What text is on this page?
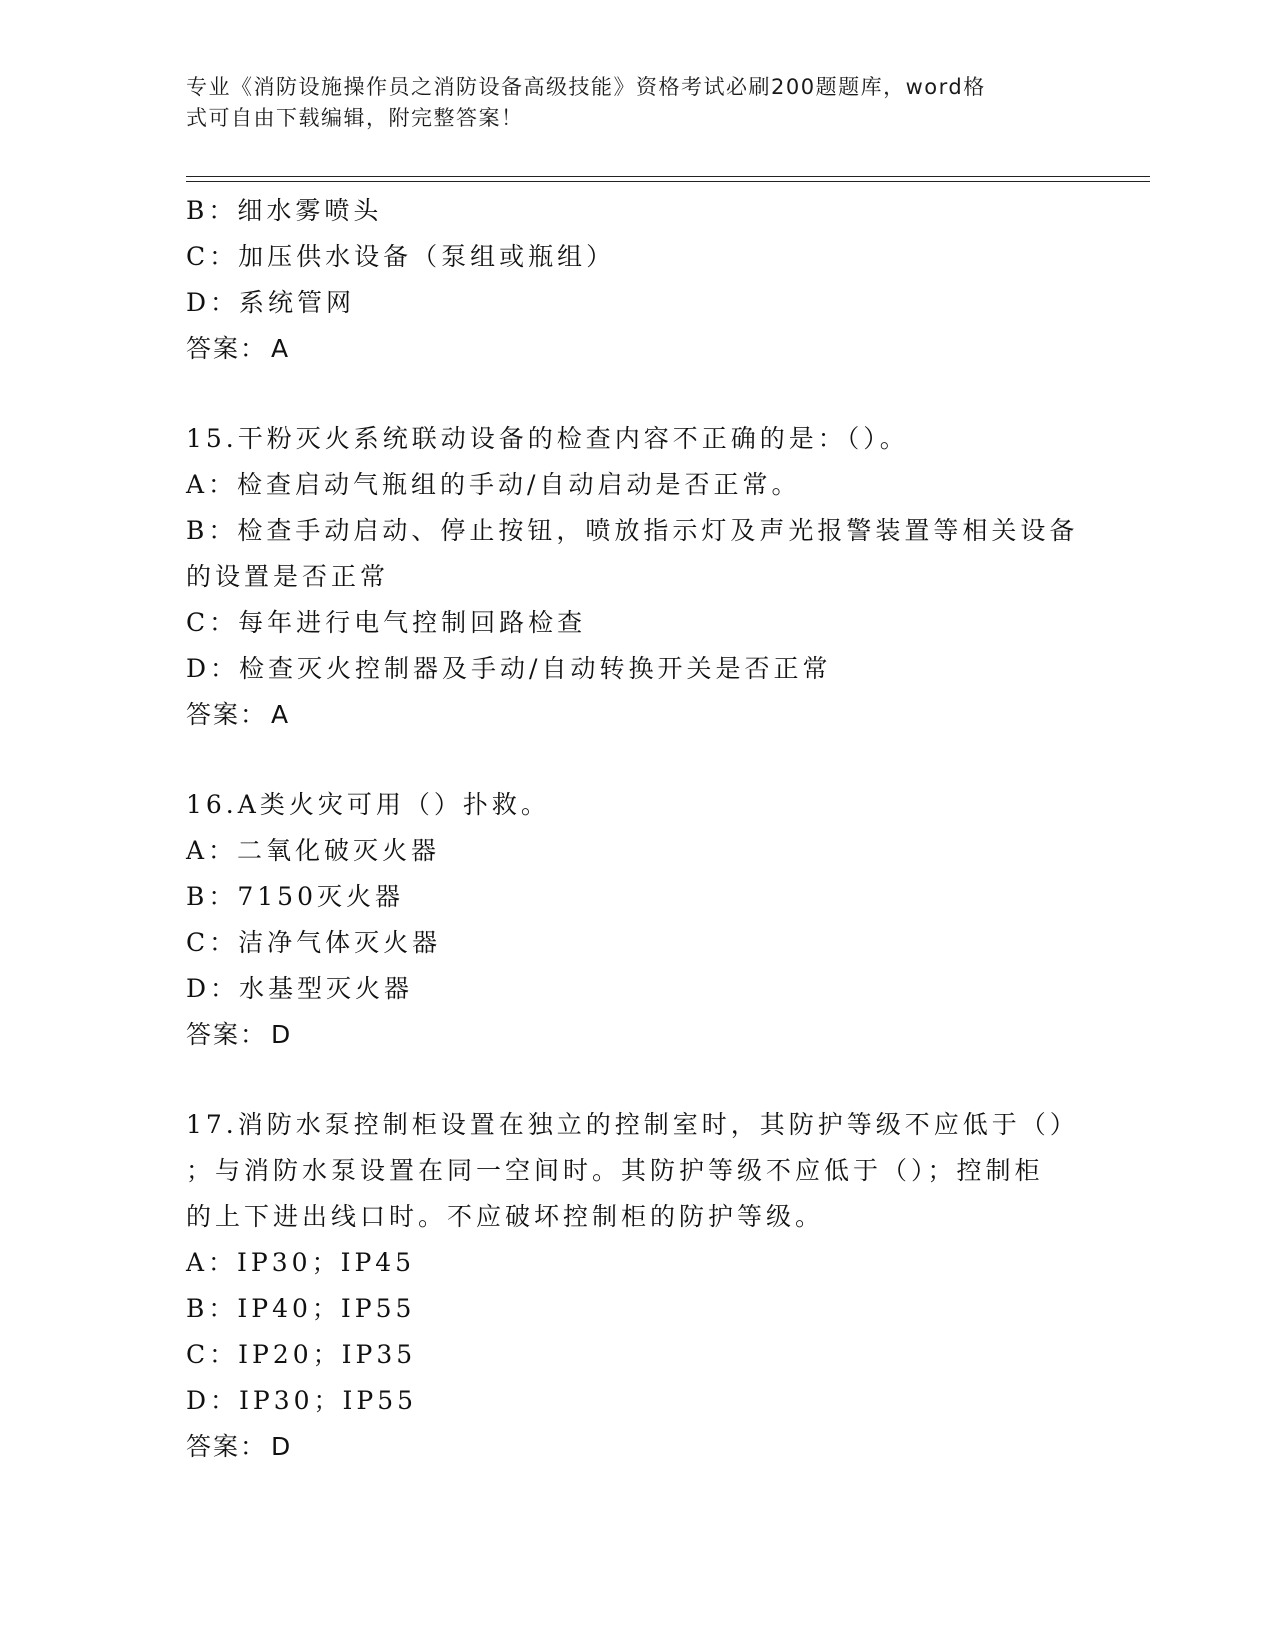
专业《消防设施操作员之消防设备高级技能》资格考试必刷200题题库，word格
式可自由下载编辑，附完整答案！
B：细水雾喷头
C：加压供水设备（泵组或瓶组）
D：系统管网
答案： A
15.干粉灭火系统联动设备的检查内容不正确的是：（）。
A：检查启动气瓶组的手动/自动启动是否正常。
B：检查手动启动、停止按钮，喷放指示灯及声光报警装置等相关设备
的设置是否正常
C：每年进行电气控制回路检查
D：检查灭火控制器及手动/自动转换开关是否正常
答案： A
16.A类火灾可用（）扑救。
A：二氧化破灭火器
B：7150灭火器
C：洁净气体灭火器
D：水基型灭火器
答案： D
17.消防水泵控制柜设置在独立的控制室时，其防护等级不应低于（）
；与消防水泵设置在同一空间时。其防护等级不应低于（）；控制柜
的上下进出线口时。不应破坏控制柜的防护等级。
A：IP30；IP45
B：IP40；IP55
C：IP20；IP35
D：IP30；IP55
答案： D
